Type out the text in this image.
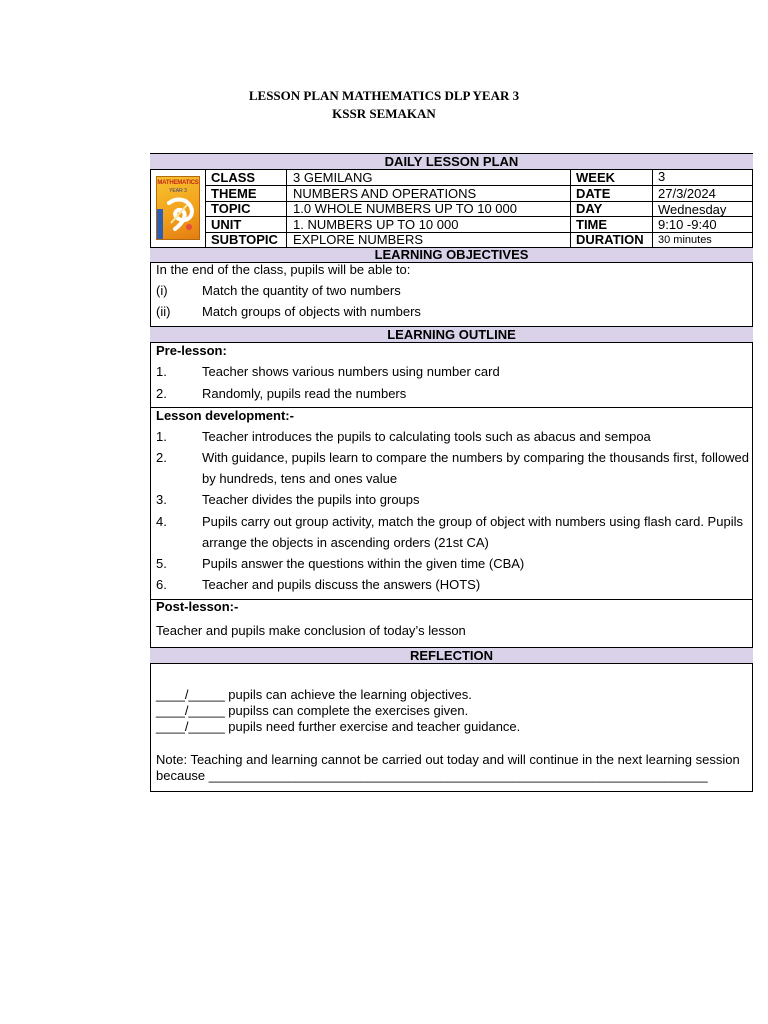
LESSON PLAN MATHEMATICS DLP YEAR 3
KSSR SEMAKAN
DAILY LESSON PLAN
MATHEMATICS
YEAR 3
CLASS	3 GEMILANG	WEEK	3
THEME	NUMBERS AND OPERATIONS	DATE	27/3/2024
TOPIC	1.0 WHOLE NUMBERS UP TO 10 000	DAY	Wednesday
UNIT	1. NUMBERS UP TO 10 000	TIME	9:10 -9:40
SUBTOPIC EXPLORE NUMBERS	DURATION 30 minutes
LEARNING OBJECTIVES
In the end of the class, pupils will be able to:
(i)	Match the quantity of two numbers
(ii) Match groups of objects with numbers
LEARNING OUTLINE
Pre-lesson:
1.	Teacher shows various numbers using number card
2.	Randomly, pupils read the numbers
Lesson development:-
1.	Teacher introduces the pupils to calculating tools such as abacus and sempoa
2.	With guidance, pupils learn to compare the numbers by comparing the thousands first, followed
by hundreds, tens and ones value
3.	Teacher divides the pupils into groups
4.	Pupils carry out group activity, match the group of object with numbers using flash card. Pupils
arrange the objects in ascending orders (21st CA)
5.	Pupils answer the questions within the given time (CBA)
6.	Teacher and pupils discuss the answers (HOTS)
Post-lesson:-
Teacher and pupils make conclusion of today’s lesson
REFLECTION
____/_____ pupils can achieve the learning objectives.
____/_____ pupilss can complete the exercises given.
____/_____ pupils need further exercise and teacher guidance.
Note: Teaching and learning cannot be carried out today and will continue in the next learning session
because _____________________________________________________________________
